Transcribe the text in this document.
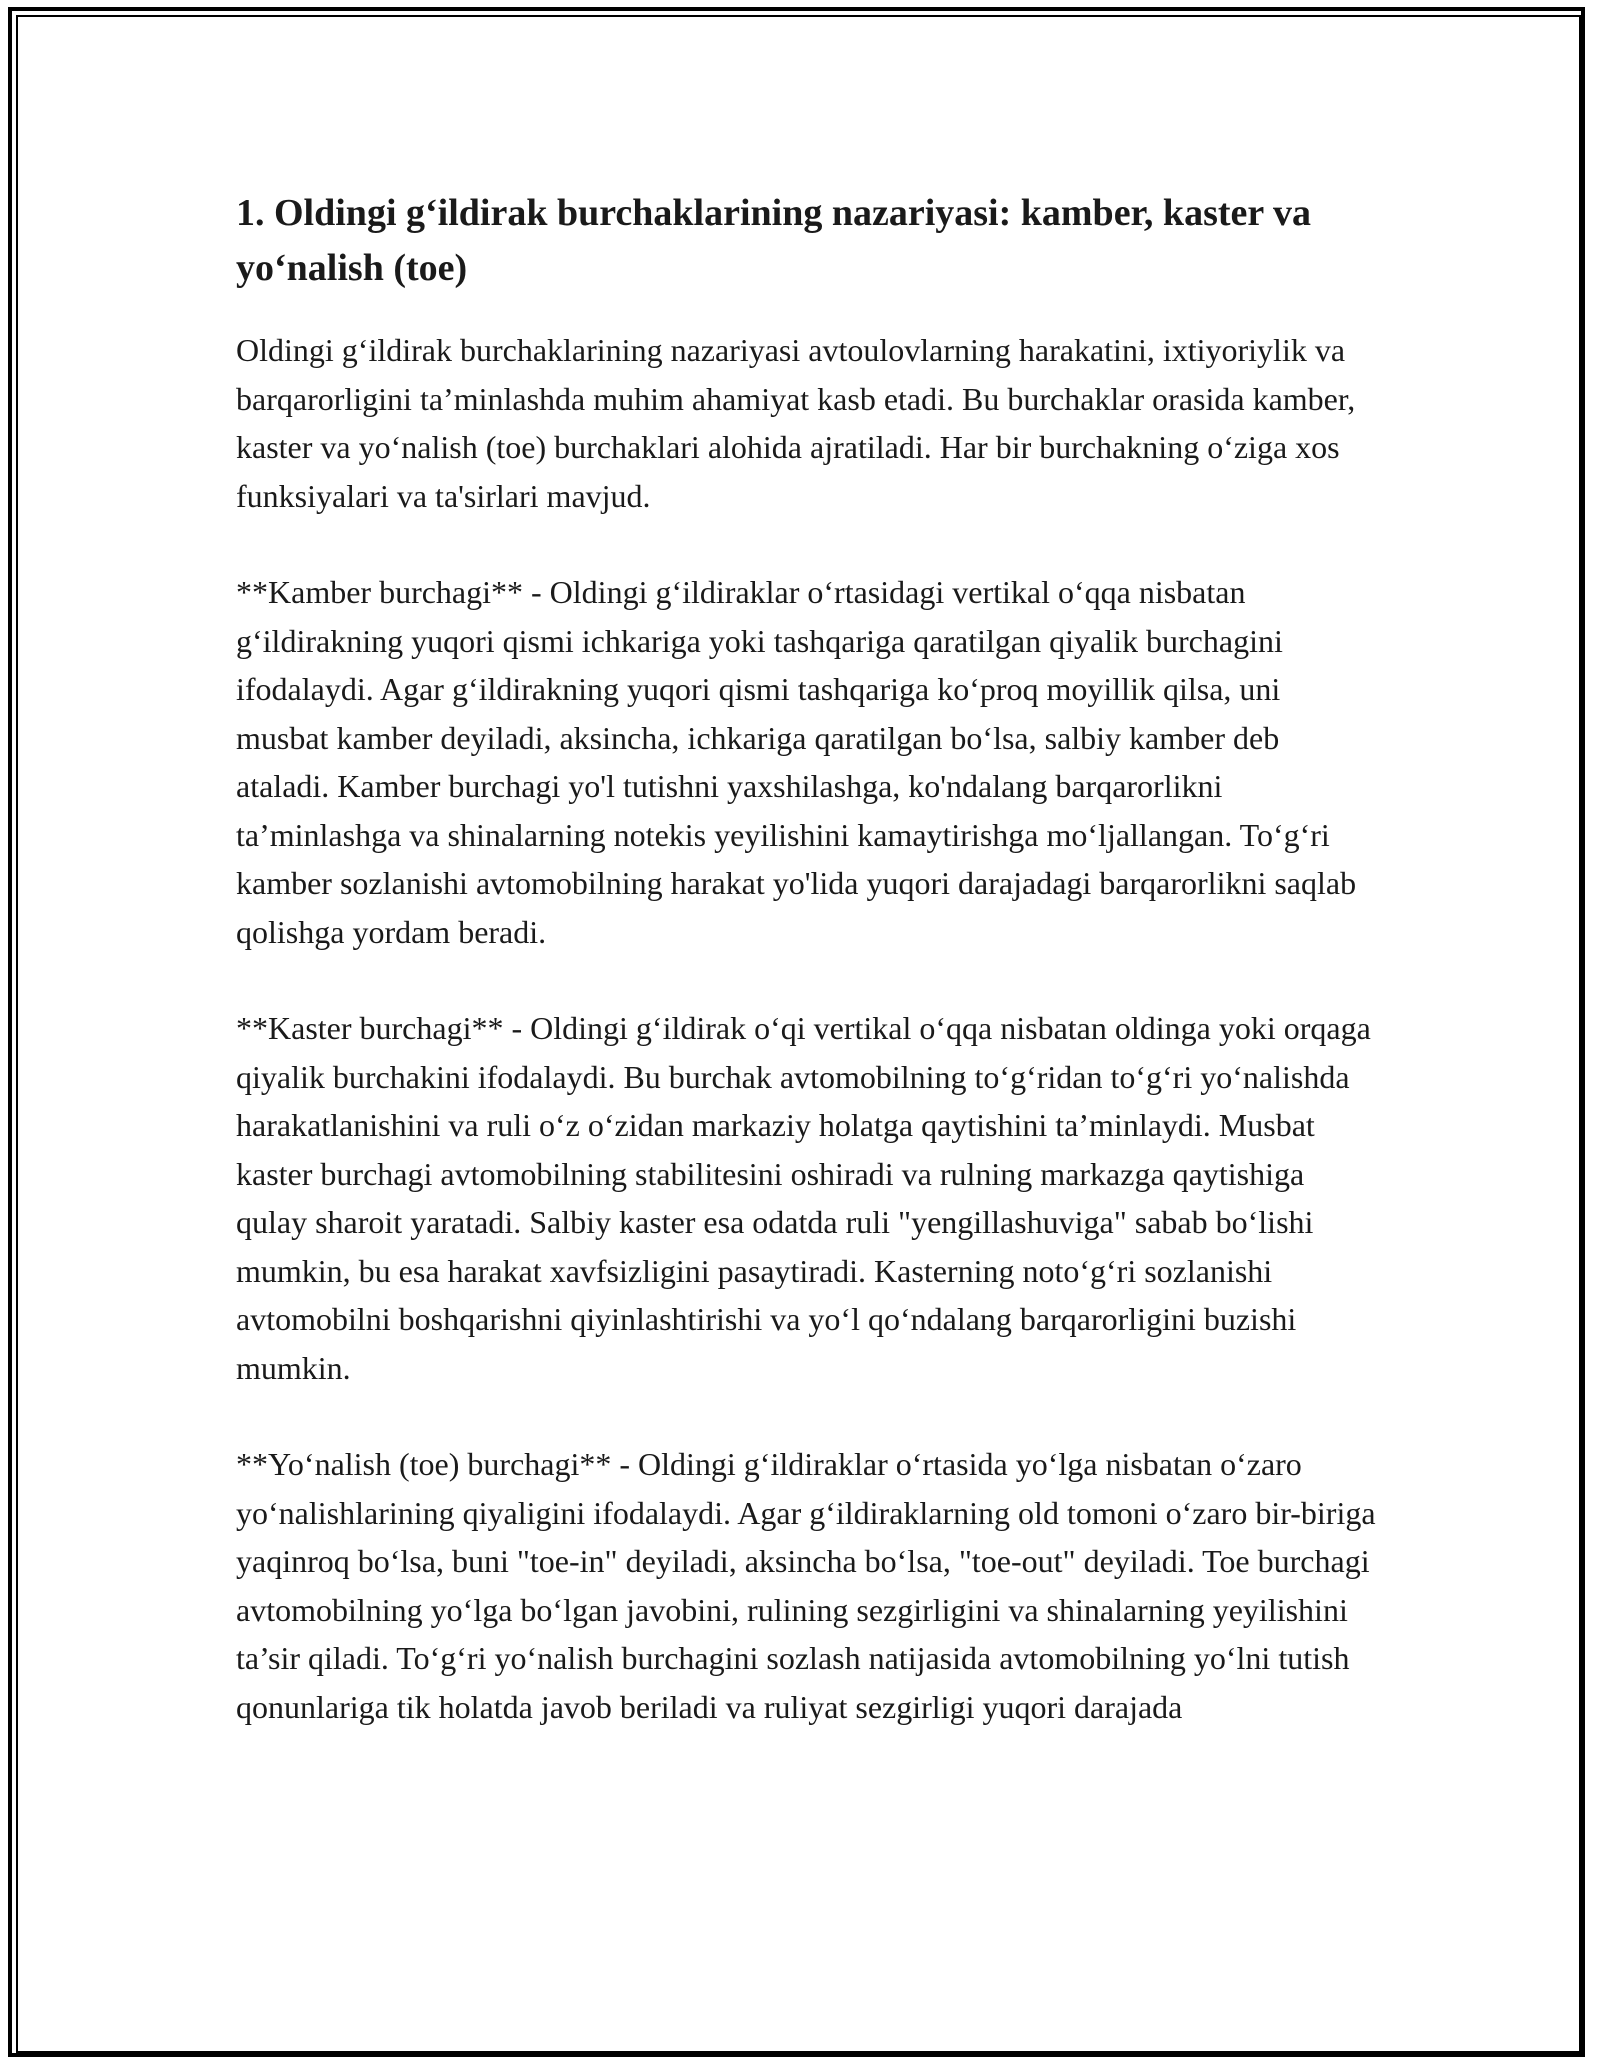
1. Oldingi g‘ildirak burchaklarining nazariyasi: kamber, kaster va yo‘nalish (toe)

Oldingi g‘ildirak burchaklarining nazariyasi avtoulovlarning harakatini, ixtiyoriylik va barqarorligini ta’minlashda muhim ahamiyat kasb etadi. Bu burchaklar orasida kamber, kaster va yo‘nalish (toe) burchaklari alohida ajratiladi. Har bir burchakning o‘ziga xos funksiyalari va ta'sirlari mavjud.

**Kamber burchagi** - Oldingi g‘ildiraklar o‘rtasidagi vertikal o‘qqa nisbatan g‘ildirakning yuqori qismi ichkariga yoki tashqariga qaratilgan qiyalik burchagini ifodalaydi. Agar g‘ildirakning yuqori qismi tashqariga ko‘proq moyillik qilsa, uni musbat kamber deyiladi, aksincha, ichkariga qaratilgan bo‘lsa, salbiy kamber deb ataladi. Kamber burchagi yo'l tutishni yaxshilashga, ko'ndalang barqarorlikni ta’minlashga va shinalarning notekis yeyilishini kamaytirishga mo‘ljallangan. To‘g‘ri kamber sozlanishi avtomobilning harakat yo'lida yuqori darajadagi barqarorlikni saqlab qolishga yordam beradi.

**Kaster burchagi** - Oldingi g‘ildirak o‘qi vertikal o‘qqa nisbatan oldinga yoki orqaga qiyalik burchakini ifodalaydi. Bu burchak avtomobilning to‘g‘ridan to‘g‘ri yo‘nalishda harakatlanishini va ruli o‘z o‘zidan markaziy holatga qaytishini ta’minlaydi. Musbat kaster burchagi avtomobilning stabilitesini oshiradi va rulning markazga qaytishiga qulay sharoit yaratadi. Salbiy kaster esa odatda ruli "yengillashuviga" sabab bo‘lishi mumkin, bu esa harakat xavfsizligini pasaytiradi. Kasterning noto‘g‘ri sozlanishi avtomobilni boshqarishni qiyinlashtirishi va yo‘l qo‘ndalang barqarorligini buzishi mumkin.

**Yo‘nalish (toe) burchagi** - Oldingi g‘ildiraklar o‘rtasida yo‘lga nisbatan o‘zaro yo‘nalishlarining qiyaligini ifodalaydi. Agar g‘ildiraklarning old tomoni o‘zaro bir-biriga yaqinroq bo‘lsa, buni "toe-in" deyiladi, aksincha bo‘lsa, "toe-out" deyiladi. Toe burchagi avtomobilning yo‘lga bo‘lgan javobini, rulining sezgirligini va shinalarning yeyilishini ta’sir qiladi. To‘g‘ri yo‘nalish burchagini sozlash natijasida avtomobilning yo‘lni tutish qonunlariga tik holatda javob beriladi va ruliyat sezgirligi yuqori darajada
